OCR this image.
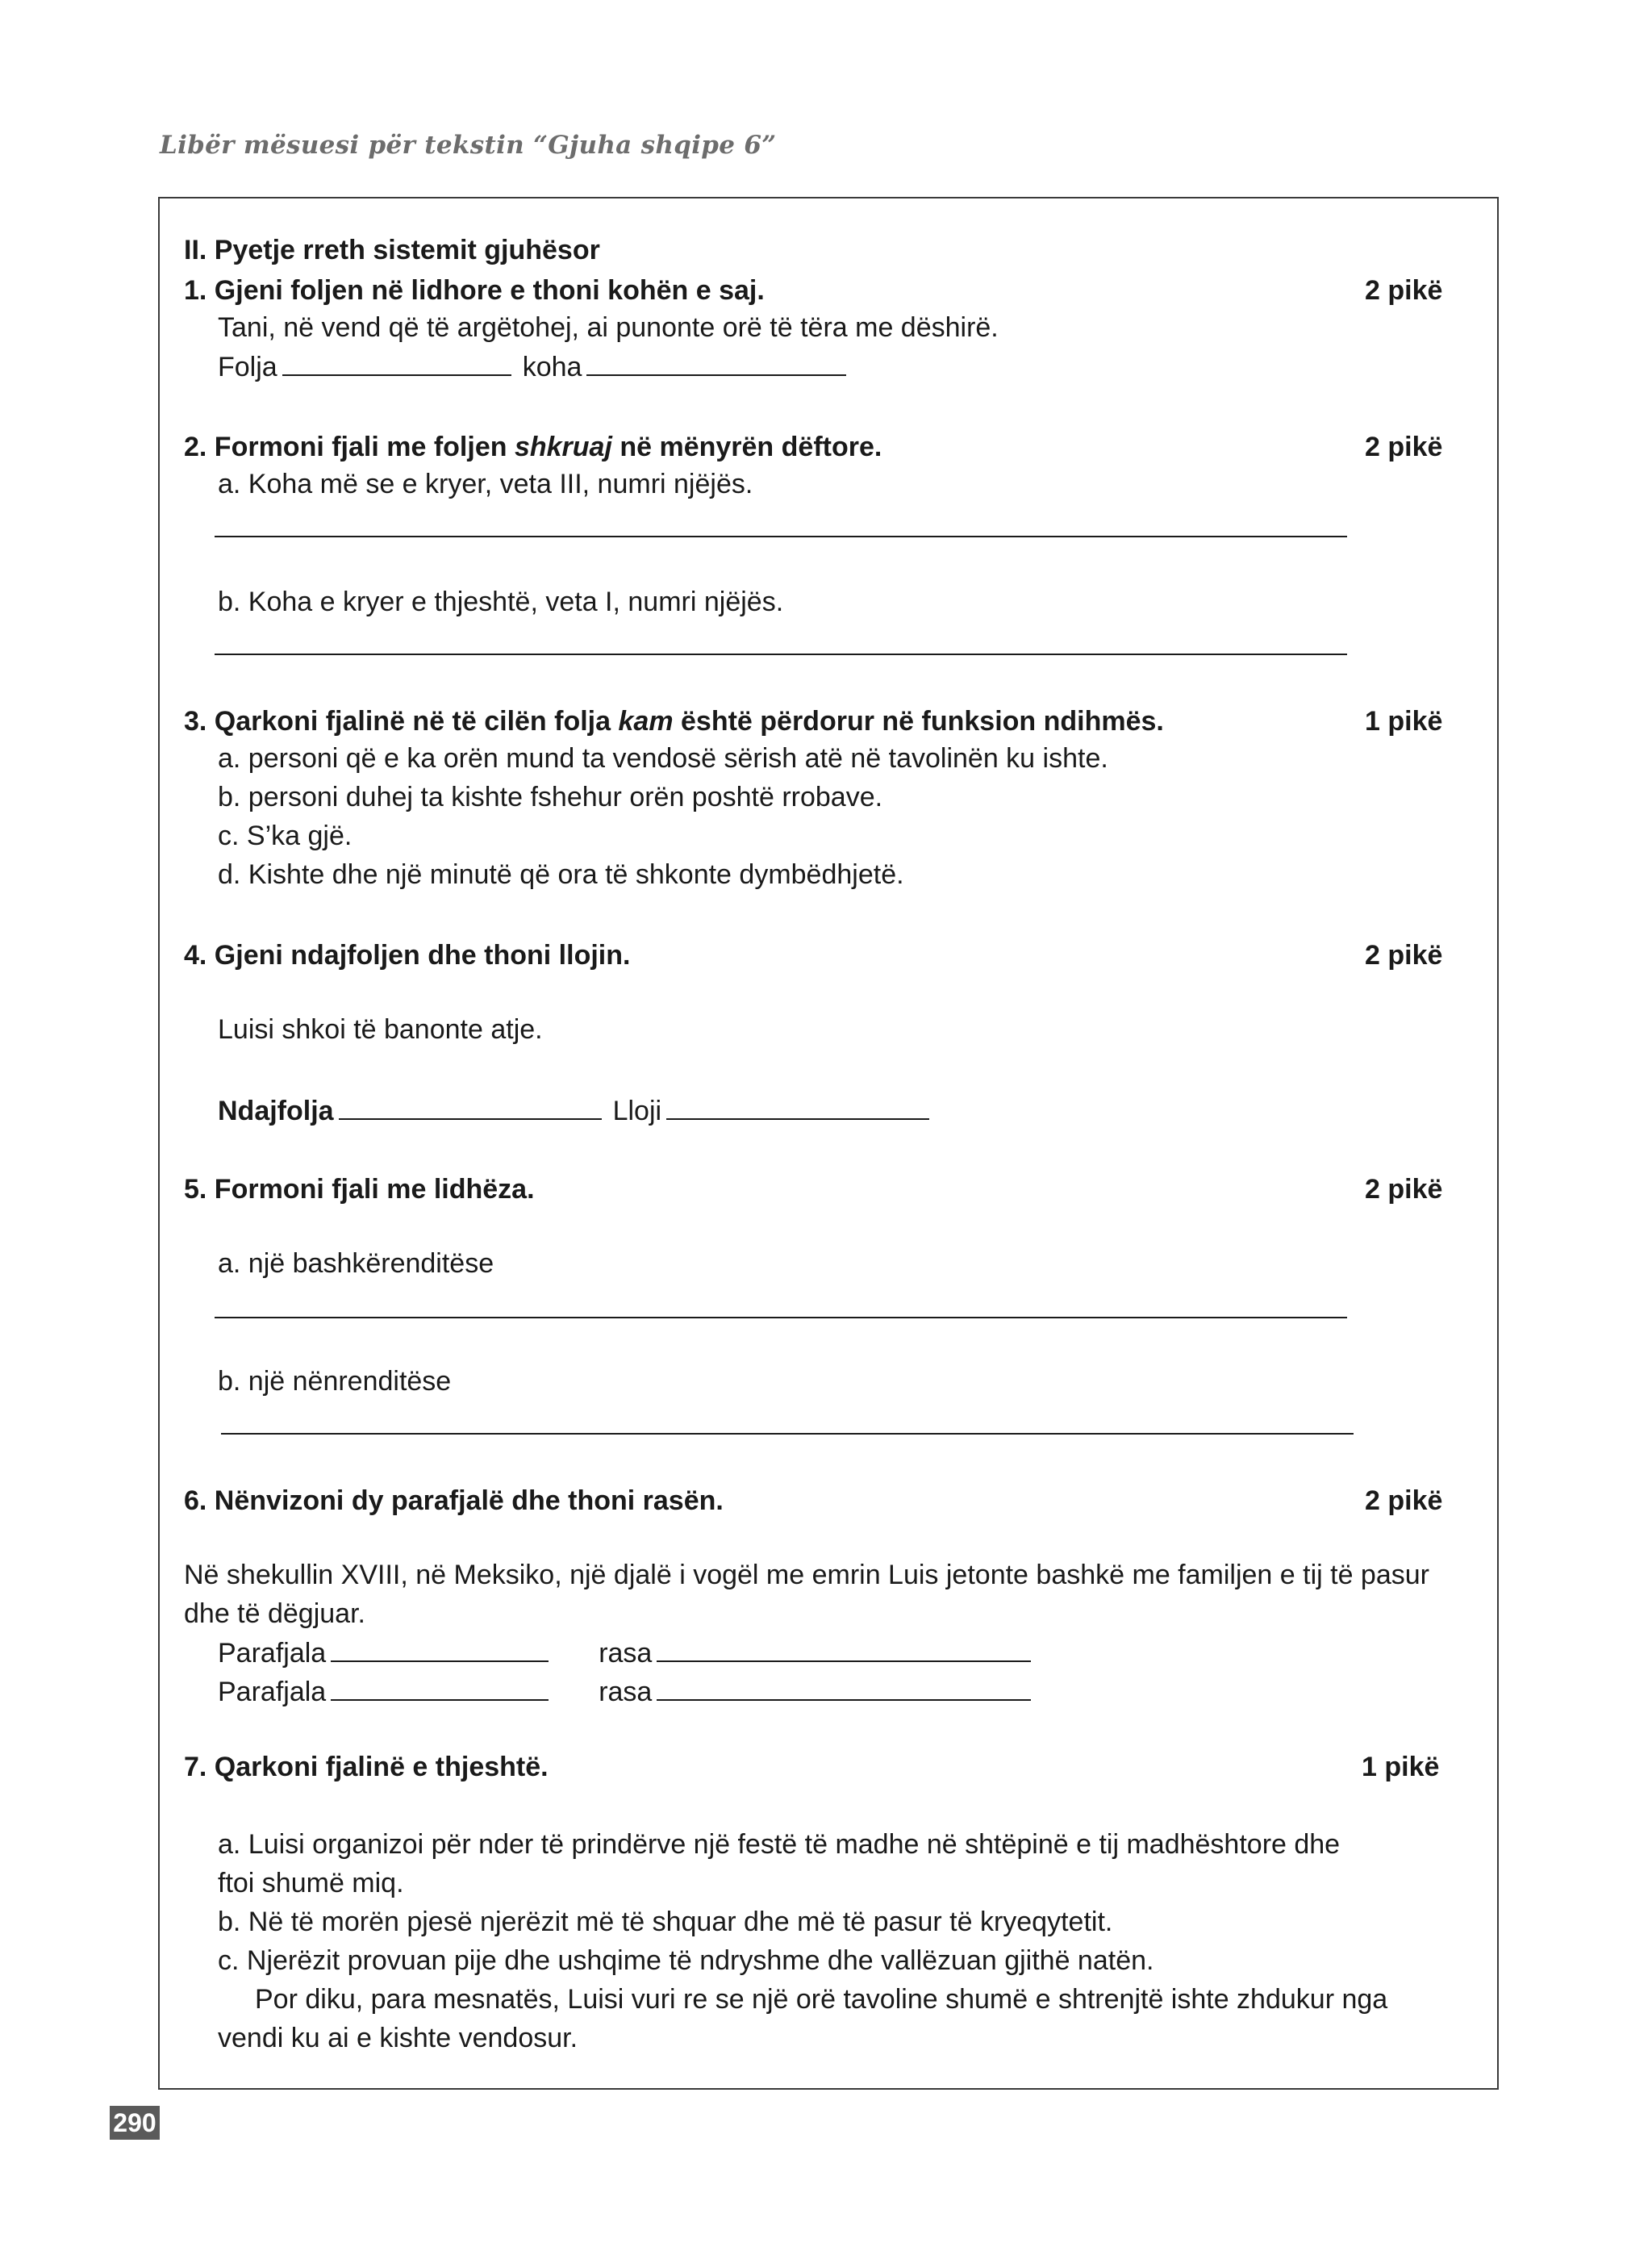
Libër mësuesi për tekstin “Gjuha shqipe 6”
II. Pyetje rreth sistemit gjuhësor
1. Gjeni foljen në lidhore e thoni kohën e saj.	2 pikë
Tani, në vend që të argëtohej, ai punonte orë të tëra me dëshirë.
Folja	koha
2. Formoni fjali me foljen shkruaj në mënyrën dëftore.	2 pikë
a. Koha më se e kryer, veta III, numri njëjës.
b. Koha e kryer e thjeshtë, veta I, numri njëjës.
3. Qarkoni fjalinë në të cilën folja kam është përdorur në funksion ndihmës.	1 pikë
a. personi që e ka orën mund ta vendosë sërish atë në tavolinën ku ishte.
b. personi duhej ta kishte fshehur orën poshtë rrobave.
c. S’ka gjë.
d. Kishte dhe një minutë që ora të shkonte dymbëdhjetë.
4. Gjeni ndajfoljen dhe thoni llojin.	2 pikë
Luisi shkoi të banonte atje.
Ndajfolja	Lloji
5. Formoni fjali me lidhëza.	2 pikë
a. një bashkërenditëse
b. një nënrenditëse
6. Nënvizoni dy parafjalë dhe thoni rasën.	2 pikë
Në shekullin XVIII, në Meksiko, një djalë i vogël me emrin Luis jetonte bashkë me familjen e tij të pasur
dhe të dëgjuar.
Parafjala	rasa
Parafjala	rasa
7. Qarkoni fjalinë e thjeshtë.	1 pikë
a. Luisi organizoi për nder të prindërve një festë të madhe në shtëpinë e tij madhështore dhe
ftoi shumë miq.
b. Në të morën pjesë njerëzit më të shquar dhe më të pasur të kryeqytetit.
c. Njerëzit provuan pije dhe ushqime të ndryshme dhe vallëzuan gjithë natën.
Por diku, para mesnatës, Luisi vuri re se një orë tavoline shumë e shtrenjtë ishte zhdukur nga
vendi ku ai e kishte vendosur.
290
